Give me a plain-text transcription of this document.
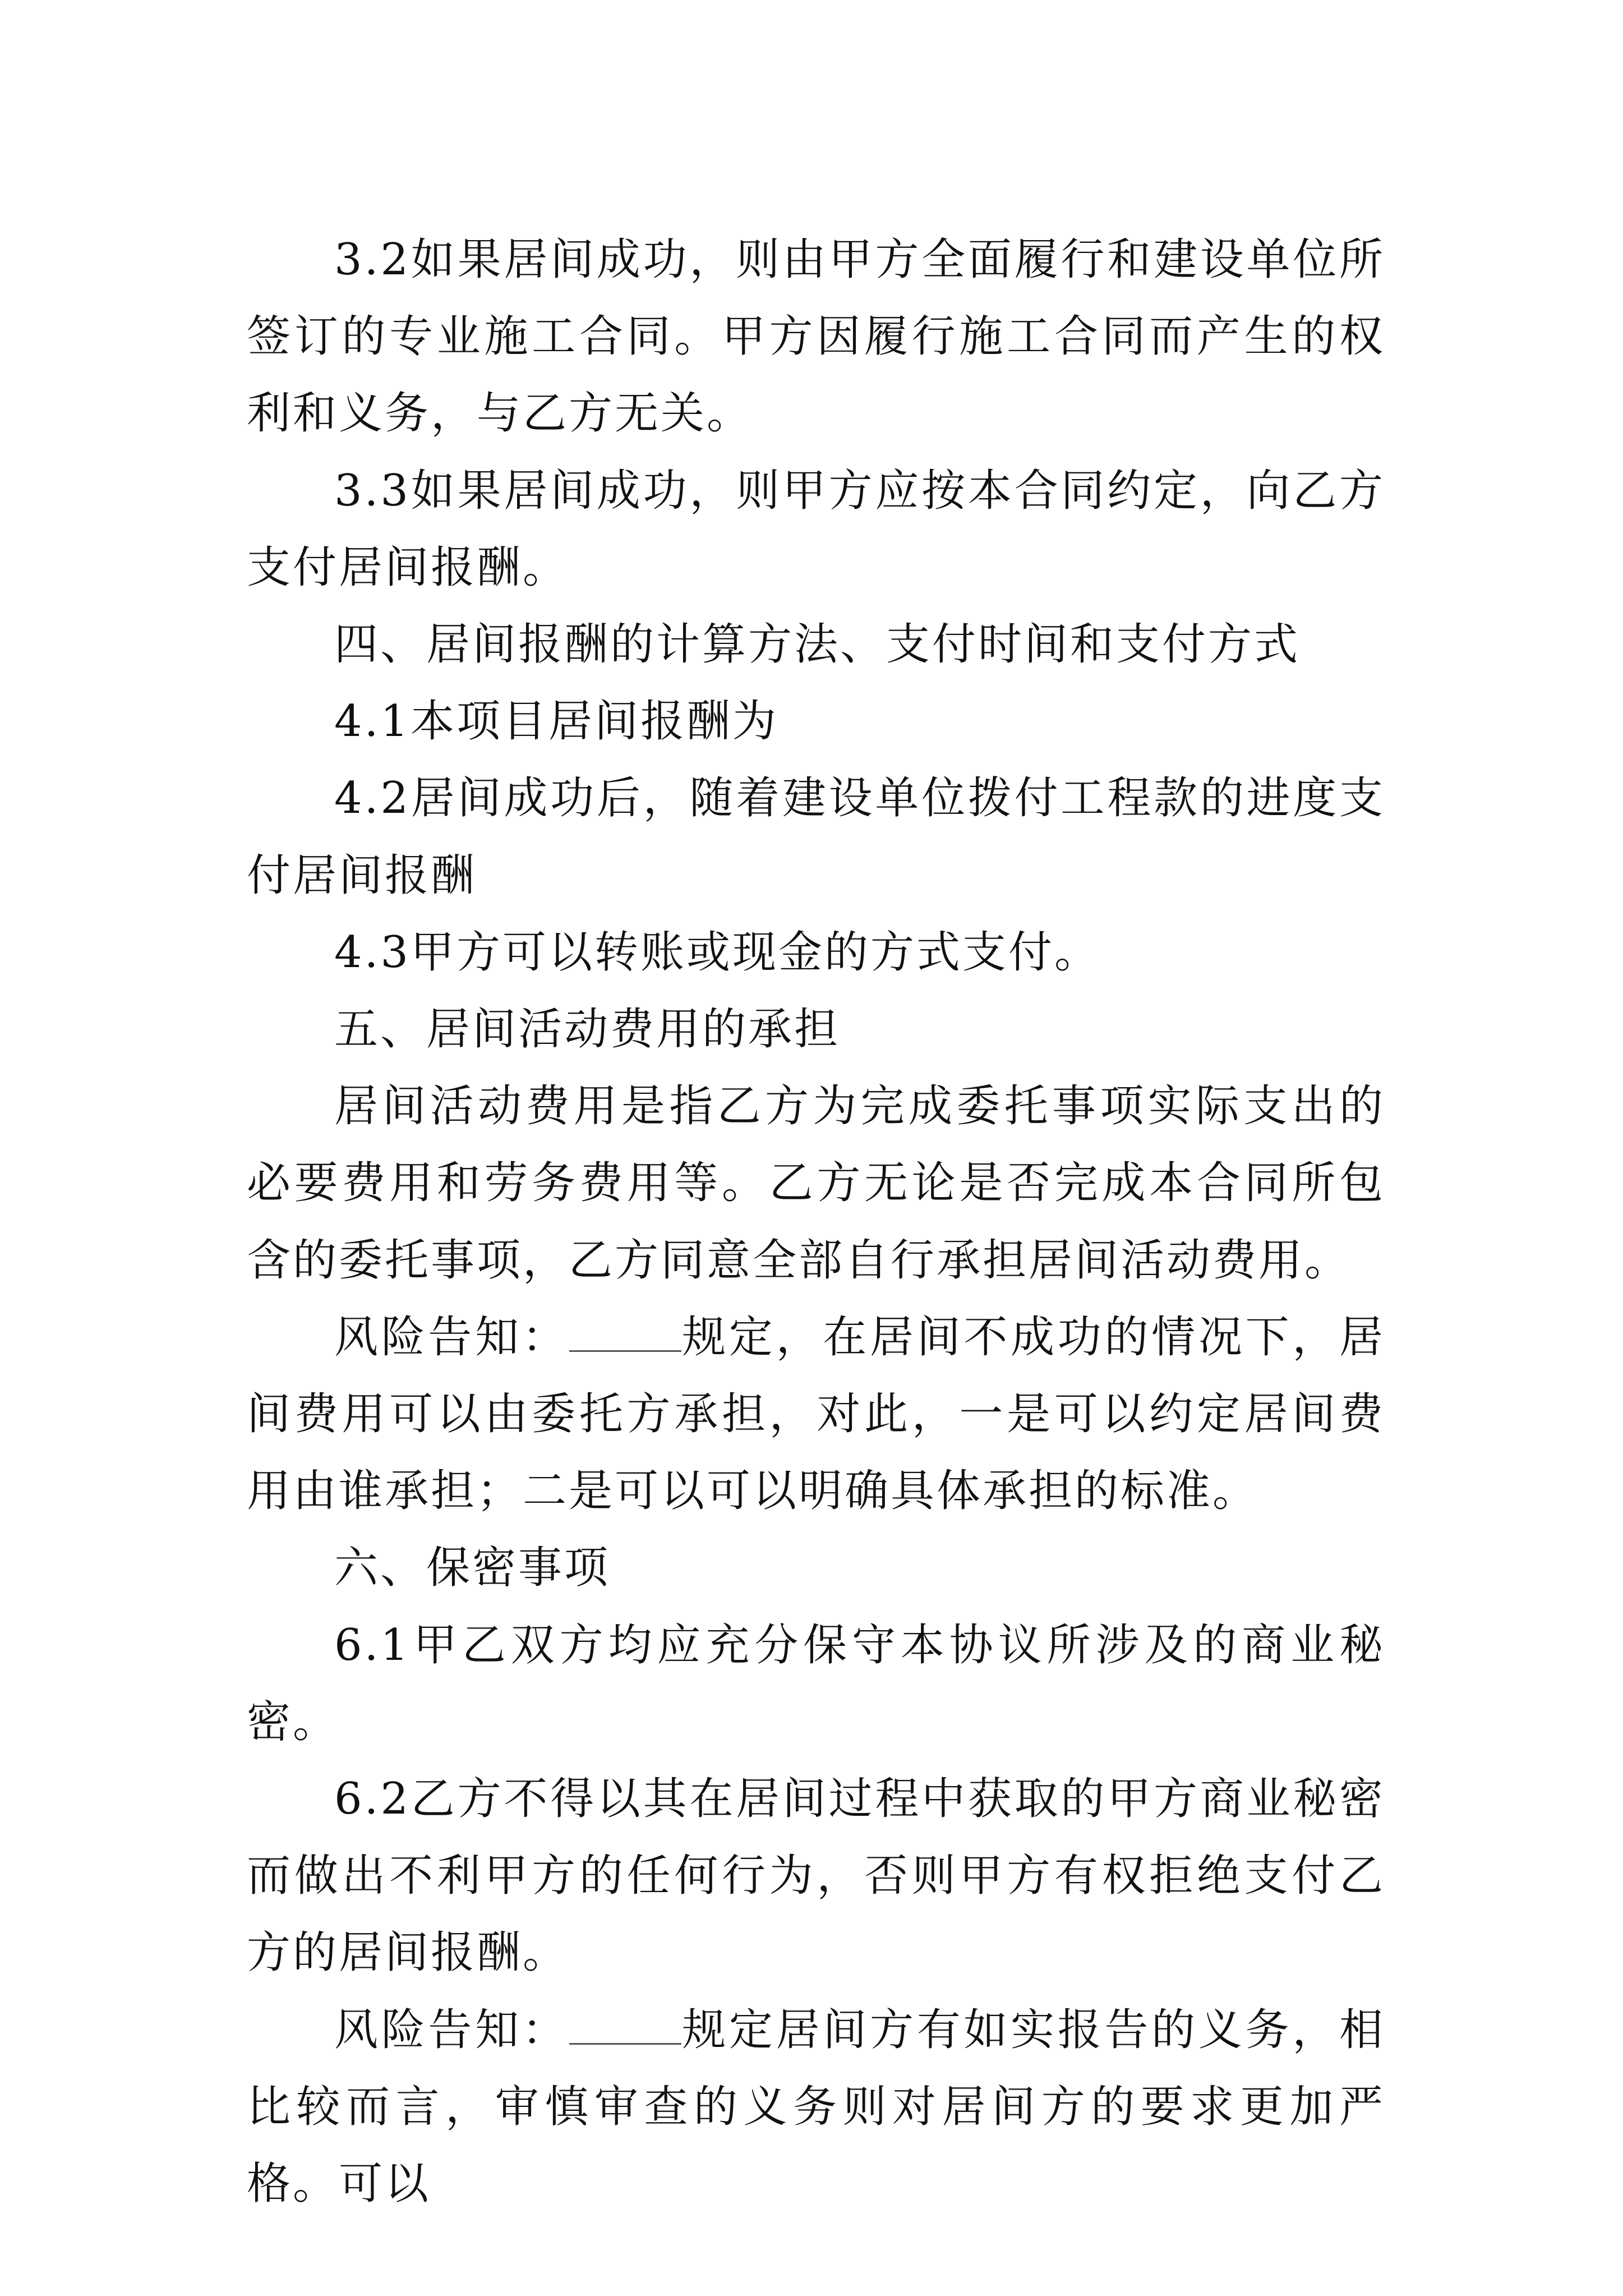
3.2如果居间成功，则由甲方全面履行和建设单位所签订的专业施工合同。甲方因履行施工合同而产生的权利和义务，与乙方无关。

3.3如果居间成功，则甲方应按本合同约定，向乙方支付居间报酬。

四、居间报酬的计算方法、支付时间和支付方式

4.1本项目居间报酬为

4.2居间成功后，随着建设单位拨付工程款的进度支付居间报酬

4.3甲方可以转账或现金的方式支付。

五、居间活动费用的承担

居间活动费用是指乙方为完成委托事项实际支出的必要费用和劳务费用等。乙方无论是否完成本合同所包含的委托事项，乙方同意全部自行承担居间活动费用。

风险告知：	规定，在居间不成功的情况下，居间费用可以由委托方承担，对此，一是可以约定居间费用由谁承担；二是可以可以明确具体承担的标准。

六、保密事项

6.1甲乙双方均应充分保守本协议所涉及的商业秘密。

6.2乙方不得以其在居间过程中获取的甲方商业秘密而做出不利甲方的任何行为，否则甲方有权拒绝支付乙方的居间报酬。

风险告知：	规定居间方有如实报告的义务，相比较而言，审慎审查的义务则对居间方的要求更加严格。可以
